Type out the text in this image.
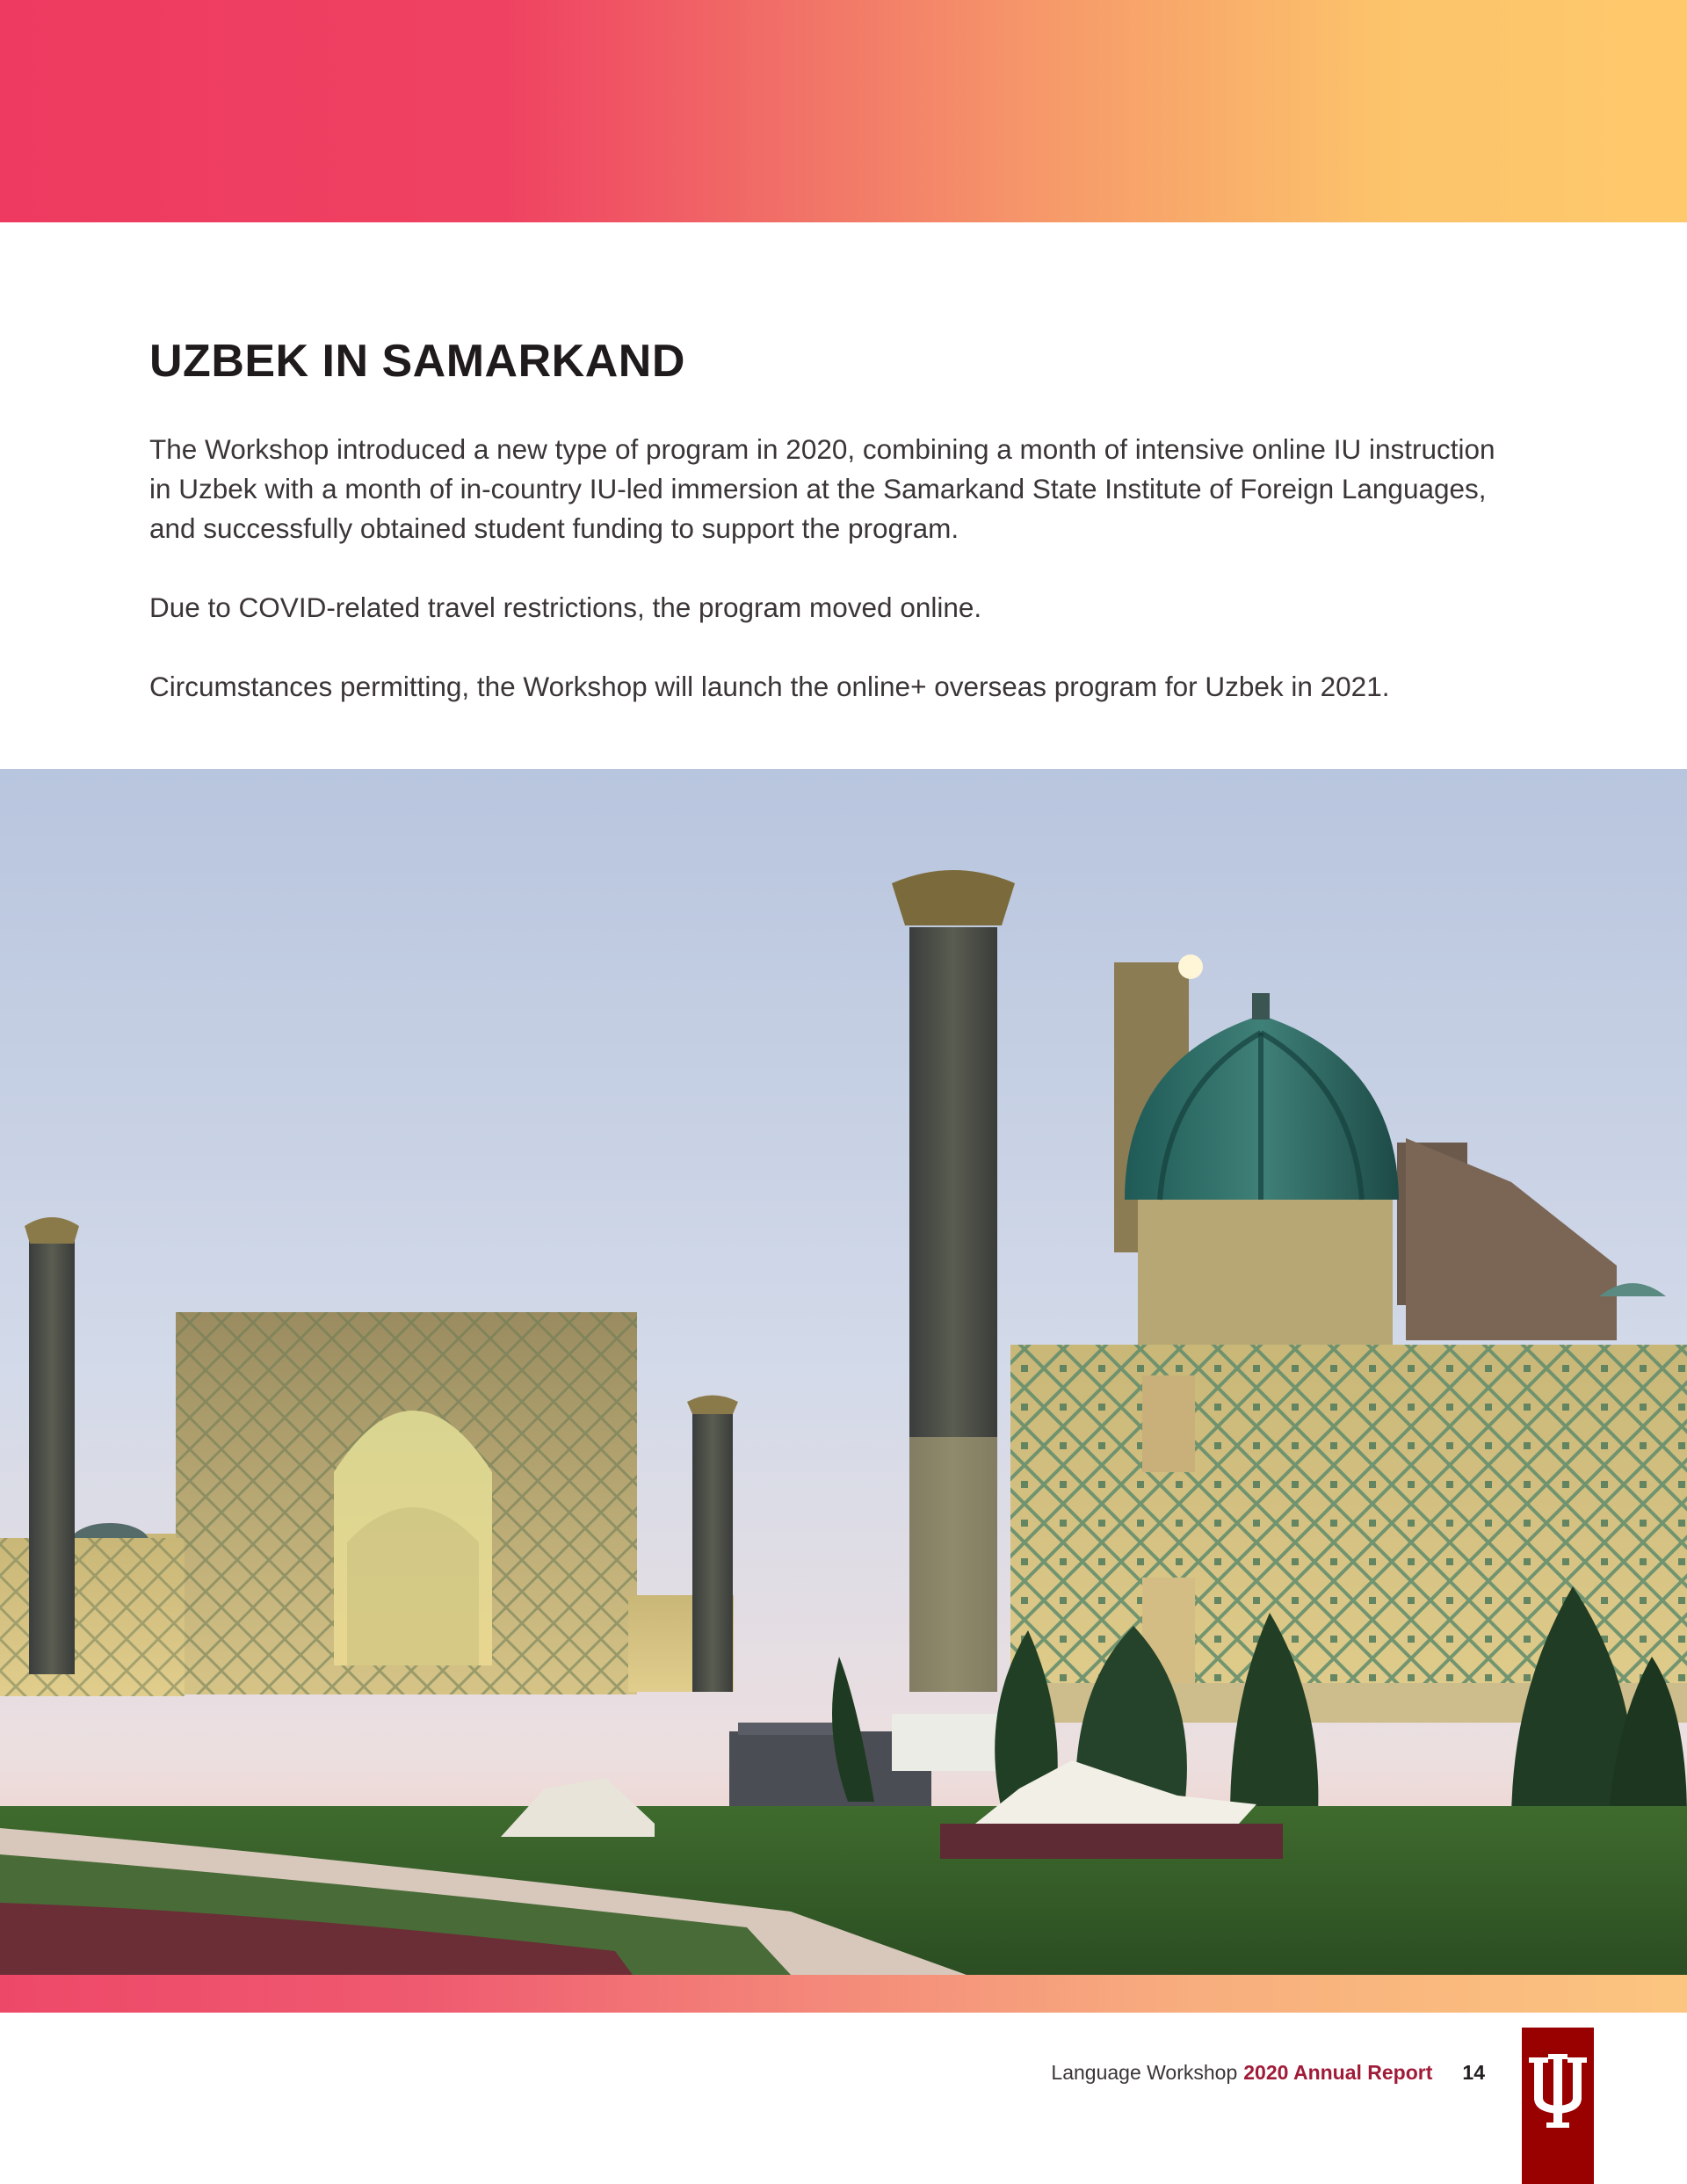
UZBEK IN SAMARKAND

The Workshop introduced a new type of program in 2020, combining a month of intensive online IU instruction
in Uzbek with a month of in-country IU-led immersion at the Samarkand State Institute of Foreign Languages,
and successfully obtained student funding to support the program.

Due to COVID-related travel restrictions, the program moved online.

Circumstances permitting, the Workshop will launch the online+ overseas program for Uzbek in 2021.

Language Workshop 2020 Annual Report 14
